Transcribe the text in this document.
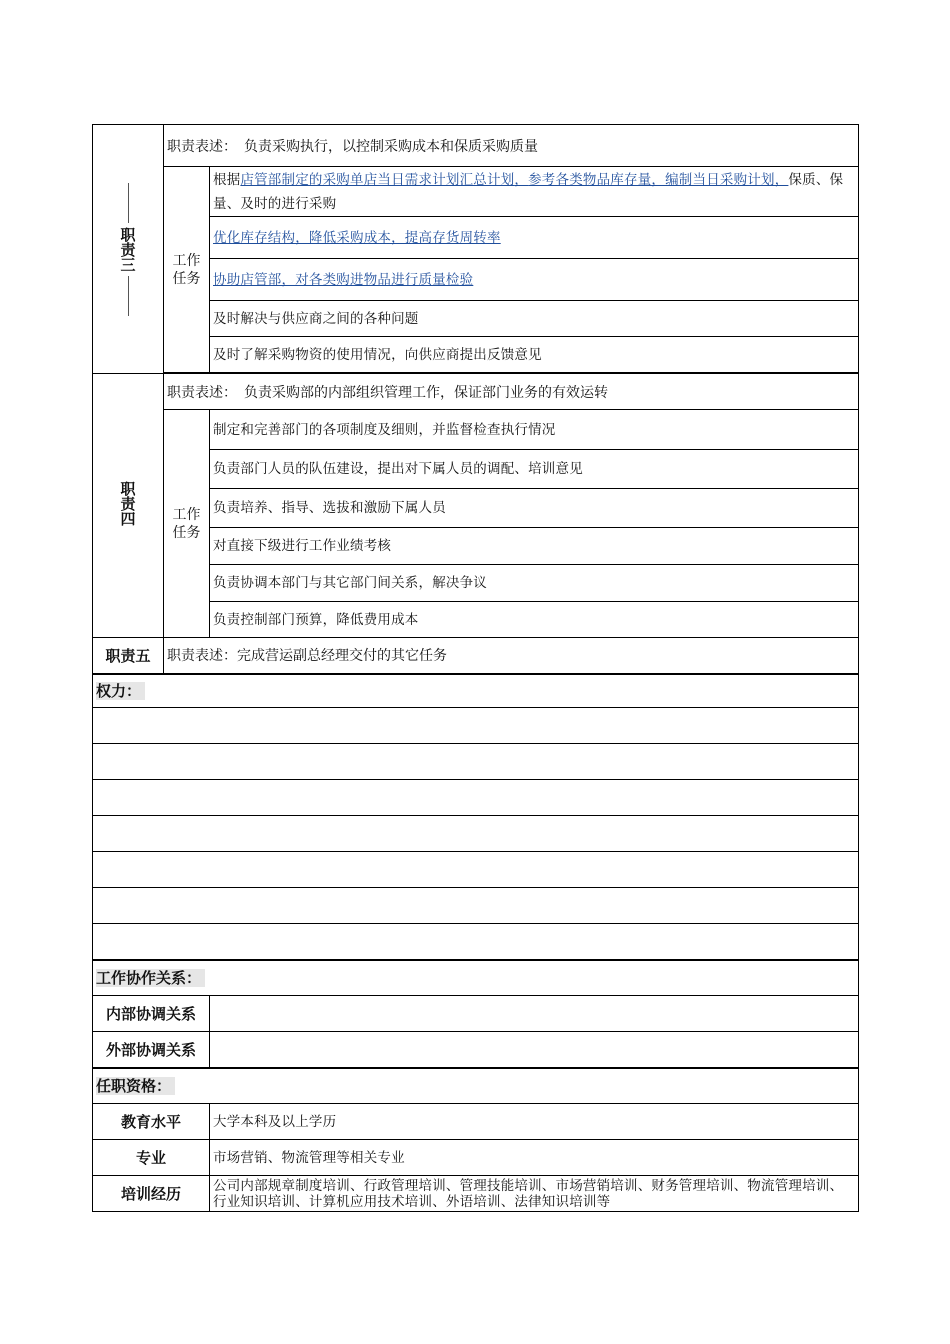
职责三	职责表述：　负责采购执行，以控制采购成本和保质采购质量	

	工作任务	根据店管部制定的采购单店当日需求计划汇总计划，参考各类物品库存量，编制当日采购计划，保质、保量、及时的进行采购
		优化库存结构，降低采购成本，提高存货周转率
		协助店管部，对各类购进物品进行质量检验
		及时解决与供应商之间的各种问题
		及时了解采购物资的使用情况，向供应商提出反馈意见

职责四	职责表述：　负责采购部的内部组织管理工作，保证部门业务的有效运转	

	工作任务	制定和完善部门的各项制度及细则，并监督检查执行情况
		负责部门人员的队伍建设，提出对下属人员的调配、培训意见
		负责培养、指导、选拔和激励下属人员
		对直接下级进行工作业绩考核
		负责协调本部门与其它部门间关系，解决争议
		负责控制部门预算，降低费用成本
职责五	职责表述：完成营运副总经理交付的其它任务	
权力：		

工作协作关系：		
内部协调关系		
外部协调关系		
任职资格：		
教育水平		大学本科及以上学历
专业		市场营销、物流管理等相关专业
培训经历		公司内部规章制度培训、行政管理培训、管理技能培训、市场营销培训、财务管理培训、物流管理培训、行业知识培训、计算机应用技术培训、外语培训、法律知识培训等
